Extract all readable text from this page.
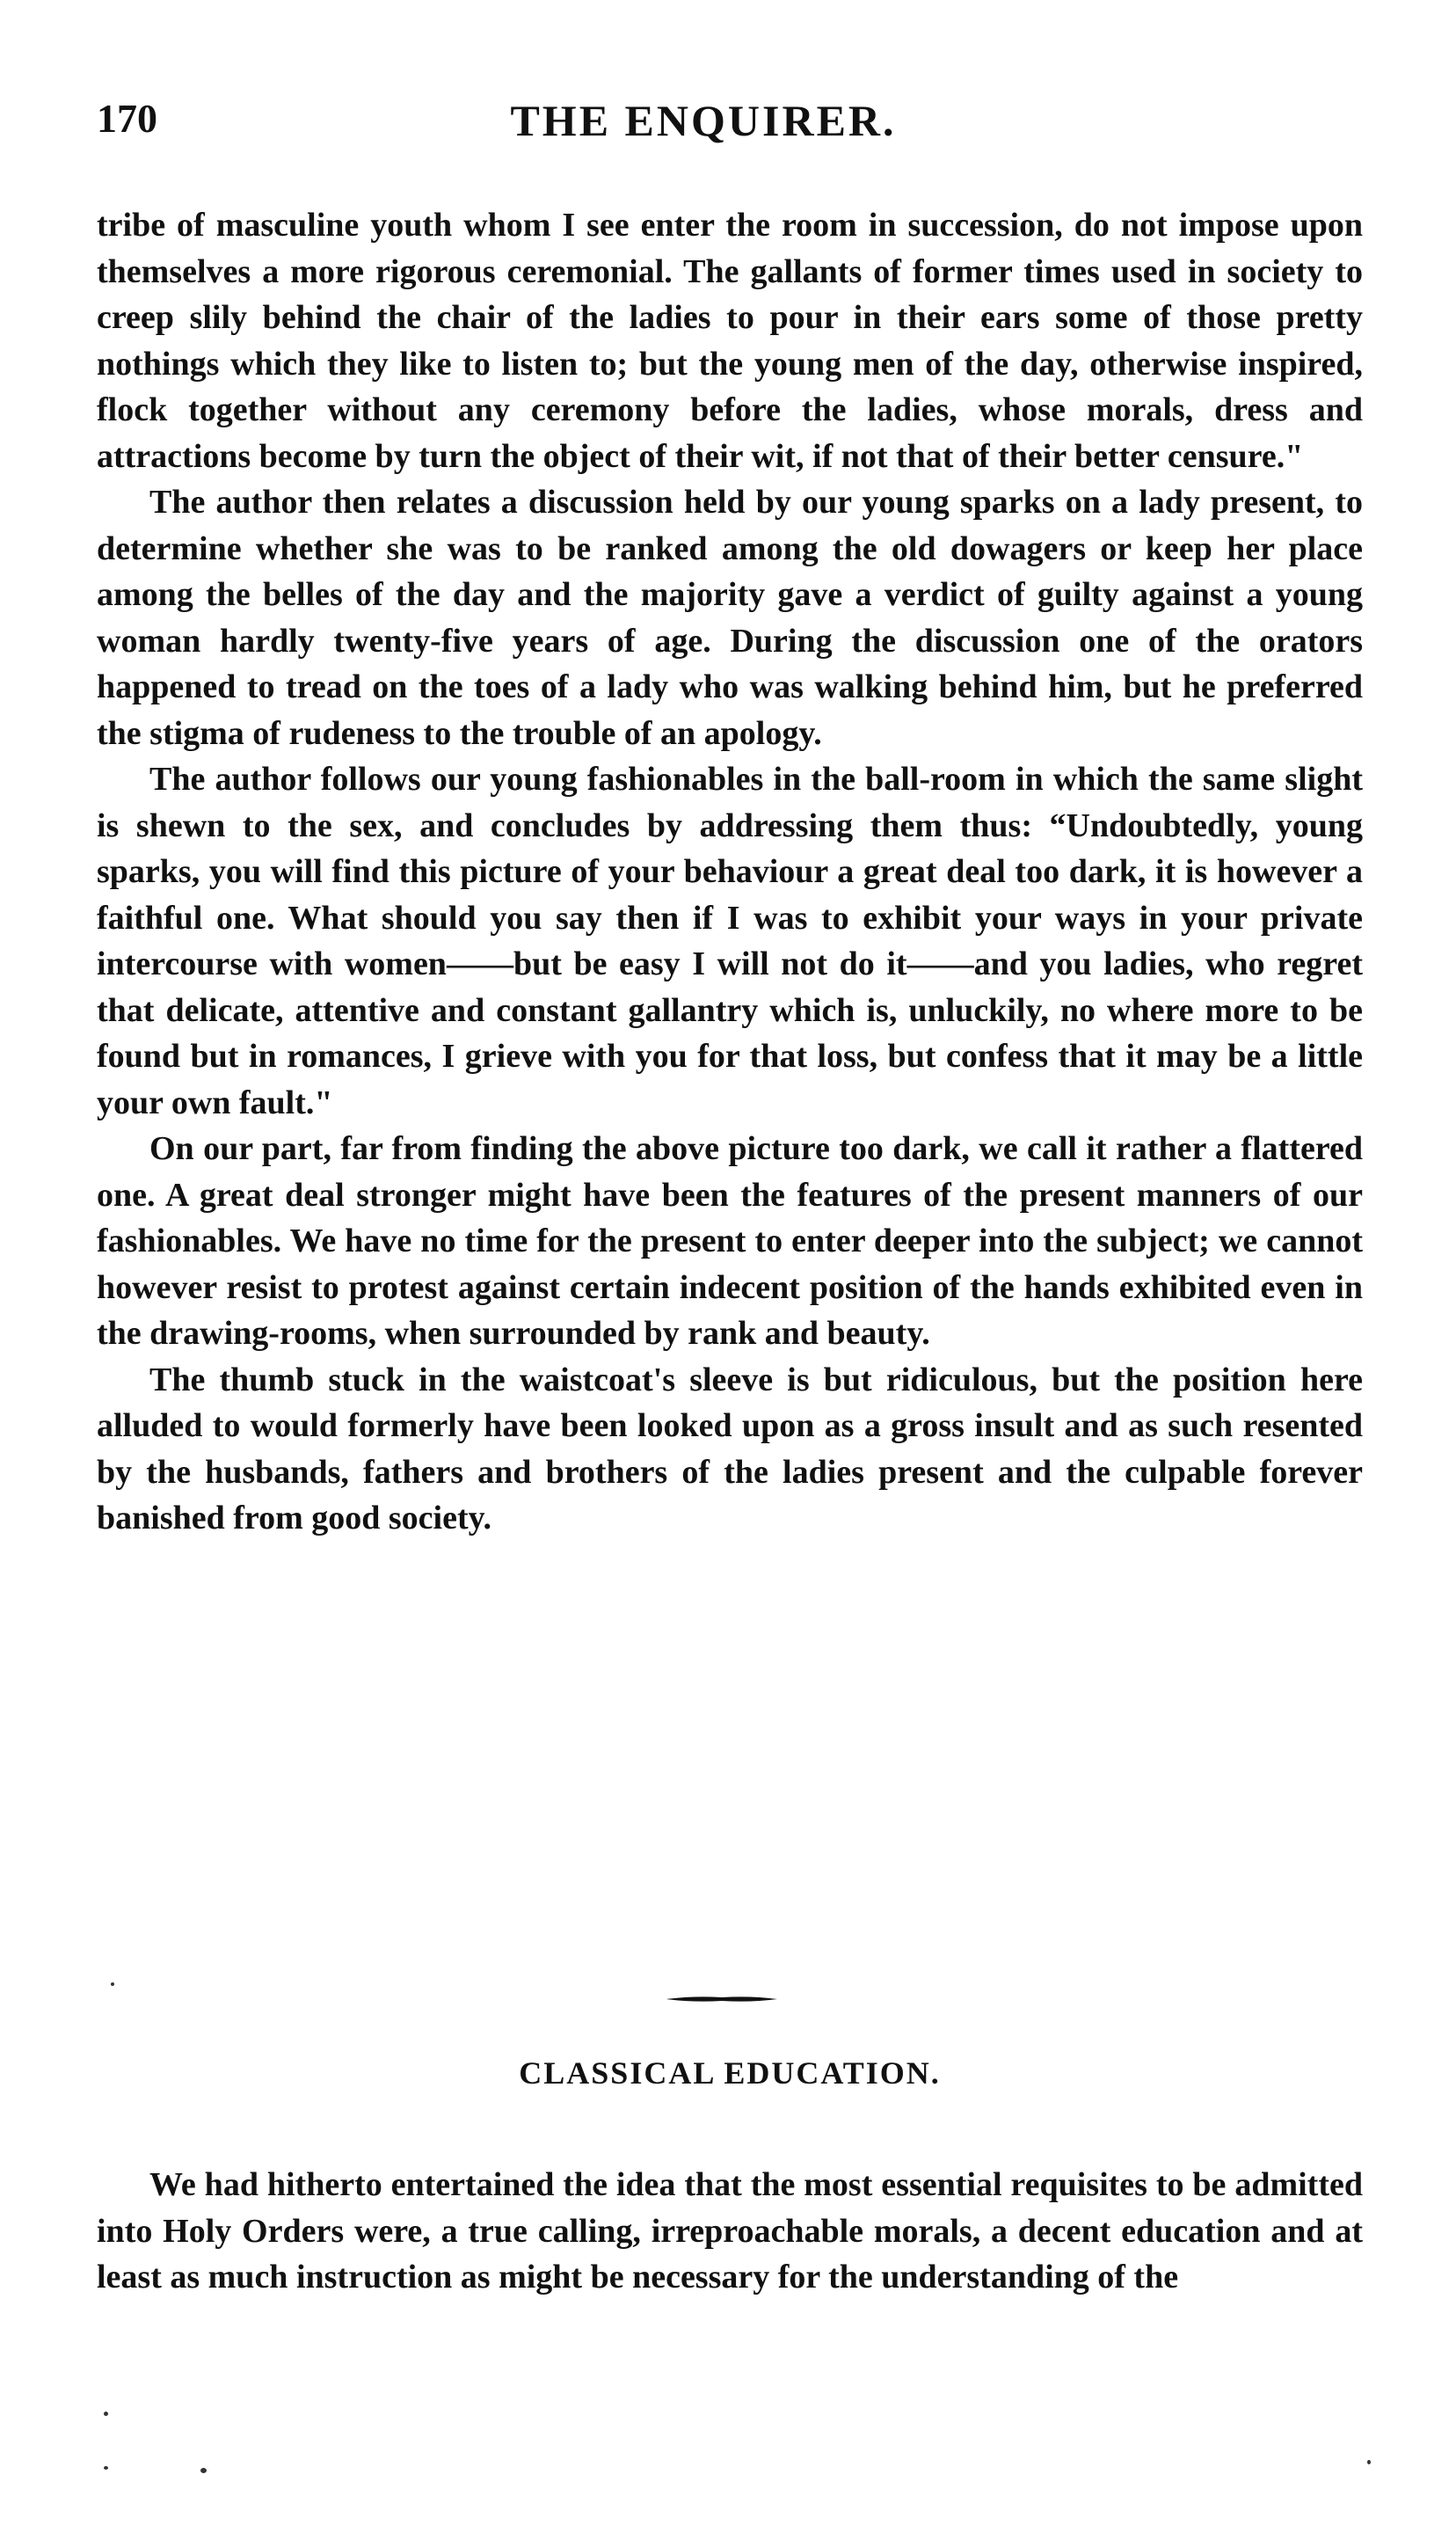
170	THE ENQUIRER.

tribe of masculine youth whom I see enter the room in succession, do not impose upon themselves a more rigorous ceremonial. The gallants of former times used in society to creep slily behind the chair of the ladies to pour in their ears some of those pretty nothings which they like to listen to; but the young men of the day, otherwise inspired, flock together without any ceremony before the ladies, whose morals, dress and attractions become by turn the object of their wit, if not that of their better censure."

The author then relates a discussion held by our young sparks on a lady present, to determine whether she was to be ranked among the old dowagers or keep her place among the belles of the day and the majority gave a verdict of guilty against a young woman hardly twenty-five years of age. During the discussion one of the orators happened to tread on the toes of a lady who was walking behind him, but he preferred the stigma of rudeness to the trouble of an apology.

The author follows our young fashionables in the ball-room in which the same slight is shewn to the sex, and concludes by addressing them thus: “Undoubtedly, young sparks, you will find this picture of your behaviour a great deal too dark, it is however a faithful one. What should you say then if I was to exhibit your ways in your private intercourse with women——but be easy I will not do it——and you ladies, who regret that delicate, attentive and constant gallantry which is, unluckily, no where more to be found but in romances, I grieve with you for that loss, but confess that it may be a little your own fault."

On our part, far from finding the above picture too dark, we call it rather a flattered one. A great deal stronger might have been the features of the present manners of our fashionables. We have no time for the present to enter deeper into the subject; we cannot however resist to protest against certain indecent position of the hands exhibited even in the drawing-rooms, when surrounded by rank and beauty.

The thumb stuck in the waistcoat's sleeve is but ridiculous, but the position here alluded to would formerly have been looked upon as a gross insult and as such resented by the husbands, fathers and brothers of the ladies present and the culpable forever banished from good society.

CLASSICAL EDUCATION.

We had hitherto entertained the idea that the most essential requisites to be admitted into Holy Orders were, a true calling, irreproachable morals, a decent education and at least as much instruction as might be necessary for the understanding of the
